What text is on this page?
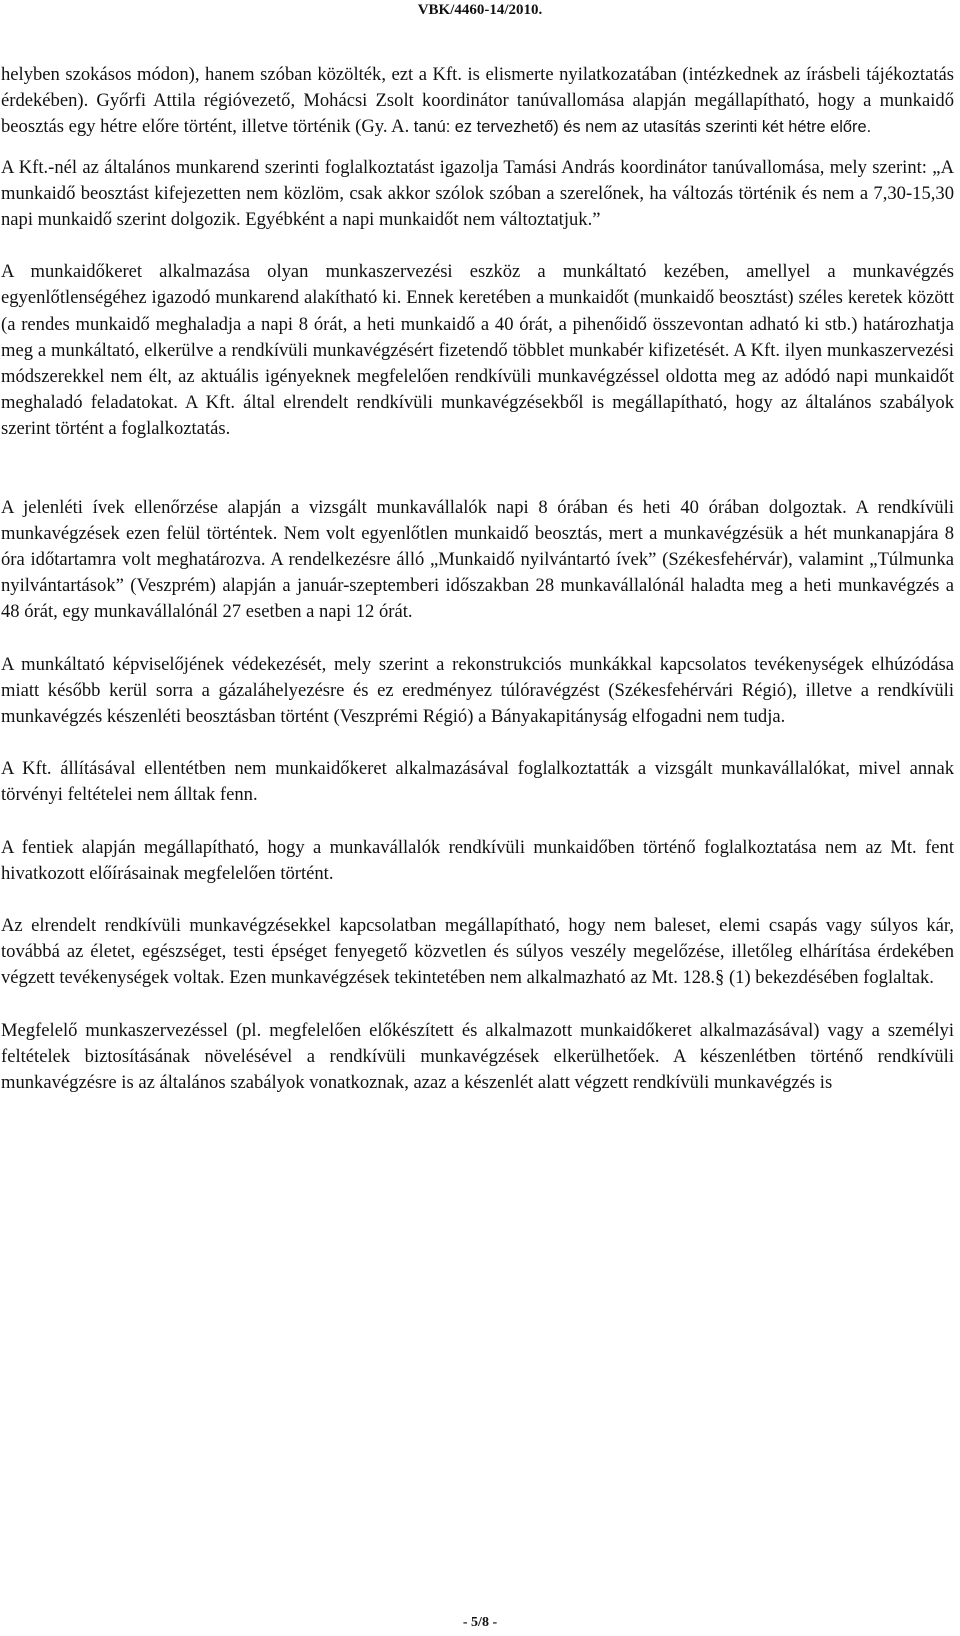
VBK/4460-14/2010.

helyben szokásos módon), hanem szóban közölték, ezt a Kft. is elismerte nyilatkozatában (intézkednek az írásbeli tájékoztatás érdekében). Győrfi Attila régióvezető, Mohácsi Zsolt koordinátor tanúvallomása alapján megállapítható, hogy a munkaidő beosztás egy hétre előre történt, illetve történik (Gy. A. tanú: ez tervezhető) és nem az utasítás szerinti két hétre előre.

A Kft.-nél az általános munkarend szerinti foglalkoztatást igazolja Tamási András koordinátor tanúvallomása, mely szerint: „A munkaidő beosztást kifejezetten nem közlöm, csak akkor szólok szóban a szerelőnek, ha változás történik és nem a 7,30-15,30 napi munkaidő szerint dolgozik. Egyébként a napi munkaidőt nem változtatjuk.”

A munkaidőkeret alkalmazása olyan munkaszervezési eszköz a munkáltató kezében, amellyel a munkavégzés egyenlőtlenségéhez igazodó munkarend alakítható ki. Ennek keretében a munkaidőt (munkaidő beosztást) széles keretek között (a rendes munkaidő meghaladja a napi 8 órát, a heti munkaidő a 40 órát, a pihenőidő összevontan adható ki stb.) határozhatja meg a munkáltató, elkerülve a rendkívüli munkavégzésért fizetendő többlet munkabér kifizetését. A Kft. ilyen munkaszervezési módszerekkel nem élt, az aktuális igényeknek megfelelően rendkívüli munkavégzéssel oldotta meg az adódó napi munkaidőt meghaladó feladatokat. A Kft. által elrendelt rendkívüli munkavégzésekből is megállapítható, hogy az általános szabályok szerint történt a foglalkoztatás.

A jelenléti ívek ellenőrzése alapján a vizsgált munkavállalók napi 8 órában és heti 40 órában dolgoztak. A rendkívüli munkavégzések ezen felül történtek. Nem volt egyenlőtlen munkaidő beosztás, mert a munkavégzésük a hét munkanapjára 8 óra időtartamra volt meghatározva. A rendelkezésre álló „Munkaidő nyilvántartó ívek” (Székesfehérvár), valamint „Túlmunka nyilvántartások” (Veszprém) alapján a január-szeptemberi időszakban 28 munkavállalónál haladta meg a heti munkavégzés a 48 órát, egy munkavállalónál 27 esetben a napi 12 órát.

A munkáltató képviselőjének védekezését, mely szerint a rekonstrukciós munkákkal kapcsolatos tevékenységek elhúzódása miatt később kerül sorra a gázaláhelyezésre és ez eredményez túlóravégzést (Székesfehérvári Régió), illetve a rendkívüli munkavégzés készenléti beosztásban történt (Veszprémi Régió) a Bányakapitányság elfogadni nem tudja.

A Kft. állításával ellentétben nem munkaidőkeret alkalmazásával foglalkoztatták a vizsgált munkavállalókat, mivel annak törvényi feltételei nem álltak fenn.

A fentiek alapján megállapítható, hogy a munkavállalók rendkívüli munkaidőben történő foglalkoztatása nem az Mt. fent hivatkozott előírásainak megfelelően történt.

Az elrendelt rendkívüli munkavégzésekkel kapcsolatban megállapítható, hogy nem baleset, elemi csapás vagy súlyos kár, továbbá az életet, egészséget, testi épséget fenyegető közvetlen és súlyos veszély megelőzése, illetőleg elhárítása érdekében végzett tevékenységek voltak. Ezen munkavégzések tekintetében nem alkalmazható az Mt. 128.§ (1) bekezdésében foglaltak.

Megfelelő munkaszervezéssel (pl. megfelelően előkészített és alkalmazott munkaidőkeret alkalmazásával) vagy a személyi feltételek biztosításának növelésével a rendkívüli munkavégzések elkerülhetőek. A készenlétben történő rendkívüli munkavégzésre is az általános szabályok vonatkoznak, azaz a készenlét alatt végzett rendkívüli munkavégzés is

- 5/8 -
